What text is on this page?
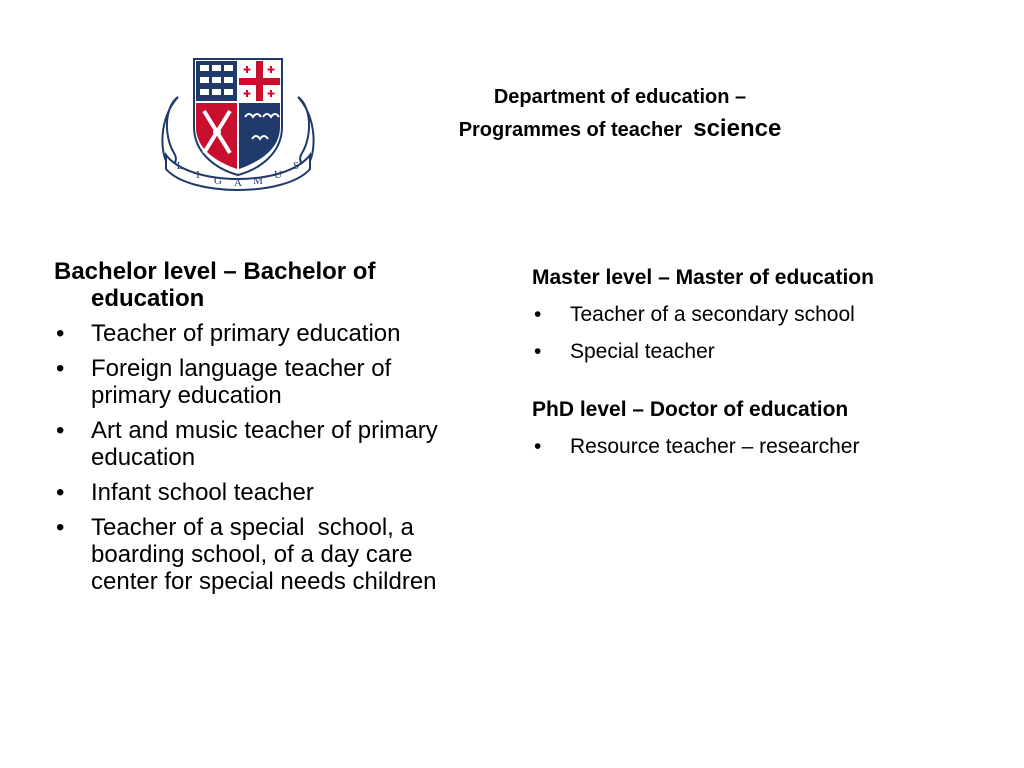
L
I G A M U
S
Department of education –
Programmes of teacher science
Bachelor level – Bachelor of education
• Teacher of primary education
• Foreign language teacher of primary education
• Art and music teacher of primary education
• Infant school teacher
• Teacher of a special  school, a boarding school, of a day care center for special needs children
Master level – Master of education
• Teacher of a secondary school
• Special teacher
PhD level – Doctor of education
• Resource teacher – researcher
